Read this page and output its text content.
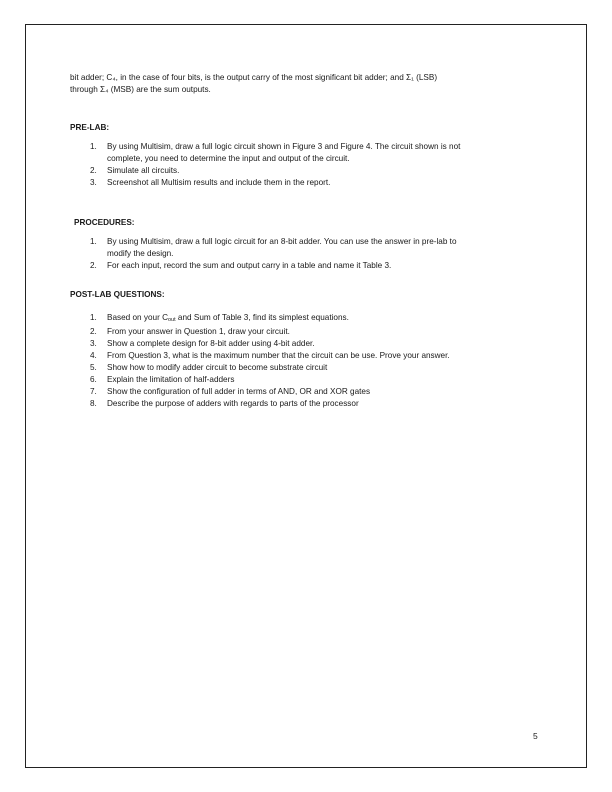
bit adder; C₄, in the case of four bits, is the output carry of the most significant bit adder; and Σ₁ (LSB)

through Σ₄ (MSB) are the sum outputs.

PRE-LAB:

1. By using Multisim, draw a full logic circuit shown in Figure 3 and Figure 4. The circuit shown is not
complete, you need to determine the input and output of the circuit.
2. Simulate all circuits.
3. Screenshot all Multisim results and include them in the report.

PROCEDURES:

1. By using Multisim, draw a full logic circuit for an 8-bit adder. You can use the answer in pre-lab to
modify the design.
2. For each input, record the sum and output carry in a table and name it Table 3.

POST-LAB QUESTIONS:

1. Based on your Cout and Sum of Table 3, find its simplest equations.
2. From your answer in Question 1, draw your circuit.
3. Show a complete design for 8-bit adder using 4-bit adder.
4. From Question 3, what is the maximum number that the circuit can be use. Prove your answer.
5. Show how to modify adder circuit to become substrate circuit
6. Explain the limitation of half-adders
7. Show the configuration of full adder in terms of AND, OR and XOR gates
8. Describe the purpose of adders with regards to parts of the processor
5
